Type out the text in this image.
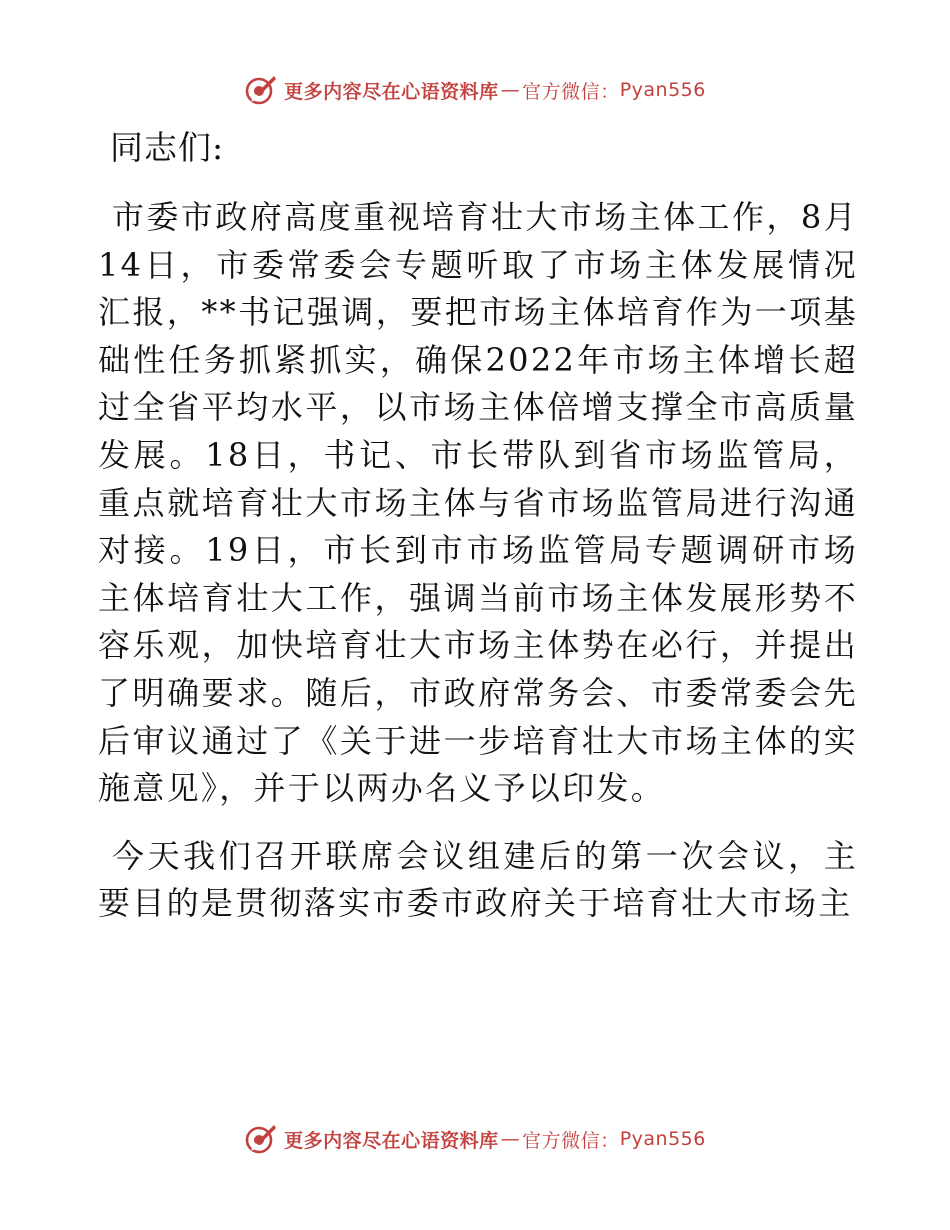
更多内容尽在心语资料库 — 官方微信： Pyan556
同志们:

市委市政府高度重视培育壮大市场主体工作，8月14日，市委常委会专题听取了市场主体发展情况汇报，**书记强调，要把市场主体培育作为一项基础性任务抓紧抓实，确保2022年市场主体增长超过全省平均水平，以市场主体倍增支撑全市高质量发展。18日，书记、市长带队到省市场监管局，重点就培育壮大市场主体与省市场监管局进行沟通对接。19日，市长到市市场监管局专题调研市场主体培育壮大工作，强调当前市场主体发展形势不容乐观，加快培育壮大市场主体势在必行，并提出了明确要求。随后，市政府常务会、市委常委会先后审议通过了《关于进一步培育壮大市场主体的实施意见》，并于以两办名义予以印发。

今天我们召开联席会议组建后的第一次会议，主要目的是贯彻落实市委市政府关于培育壮大市场主

更多内容尽在心语资料库 — 官方微信： Pyan556
